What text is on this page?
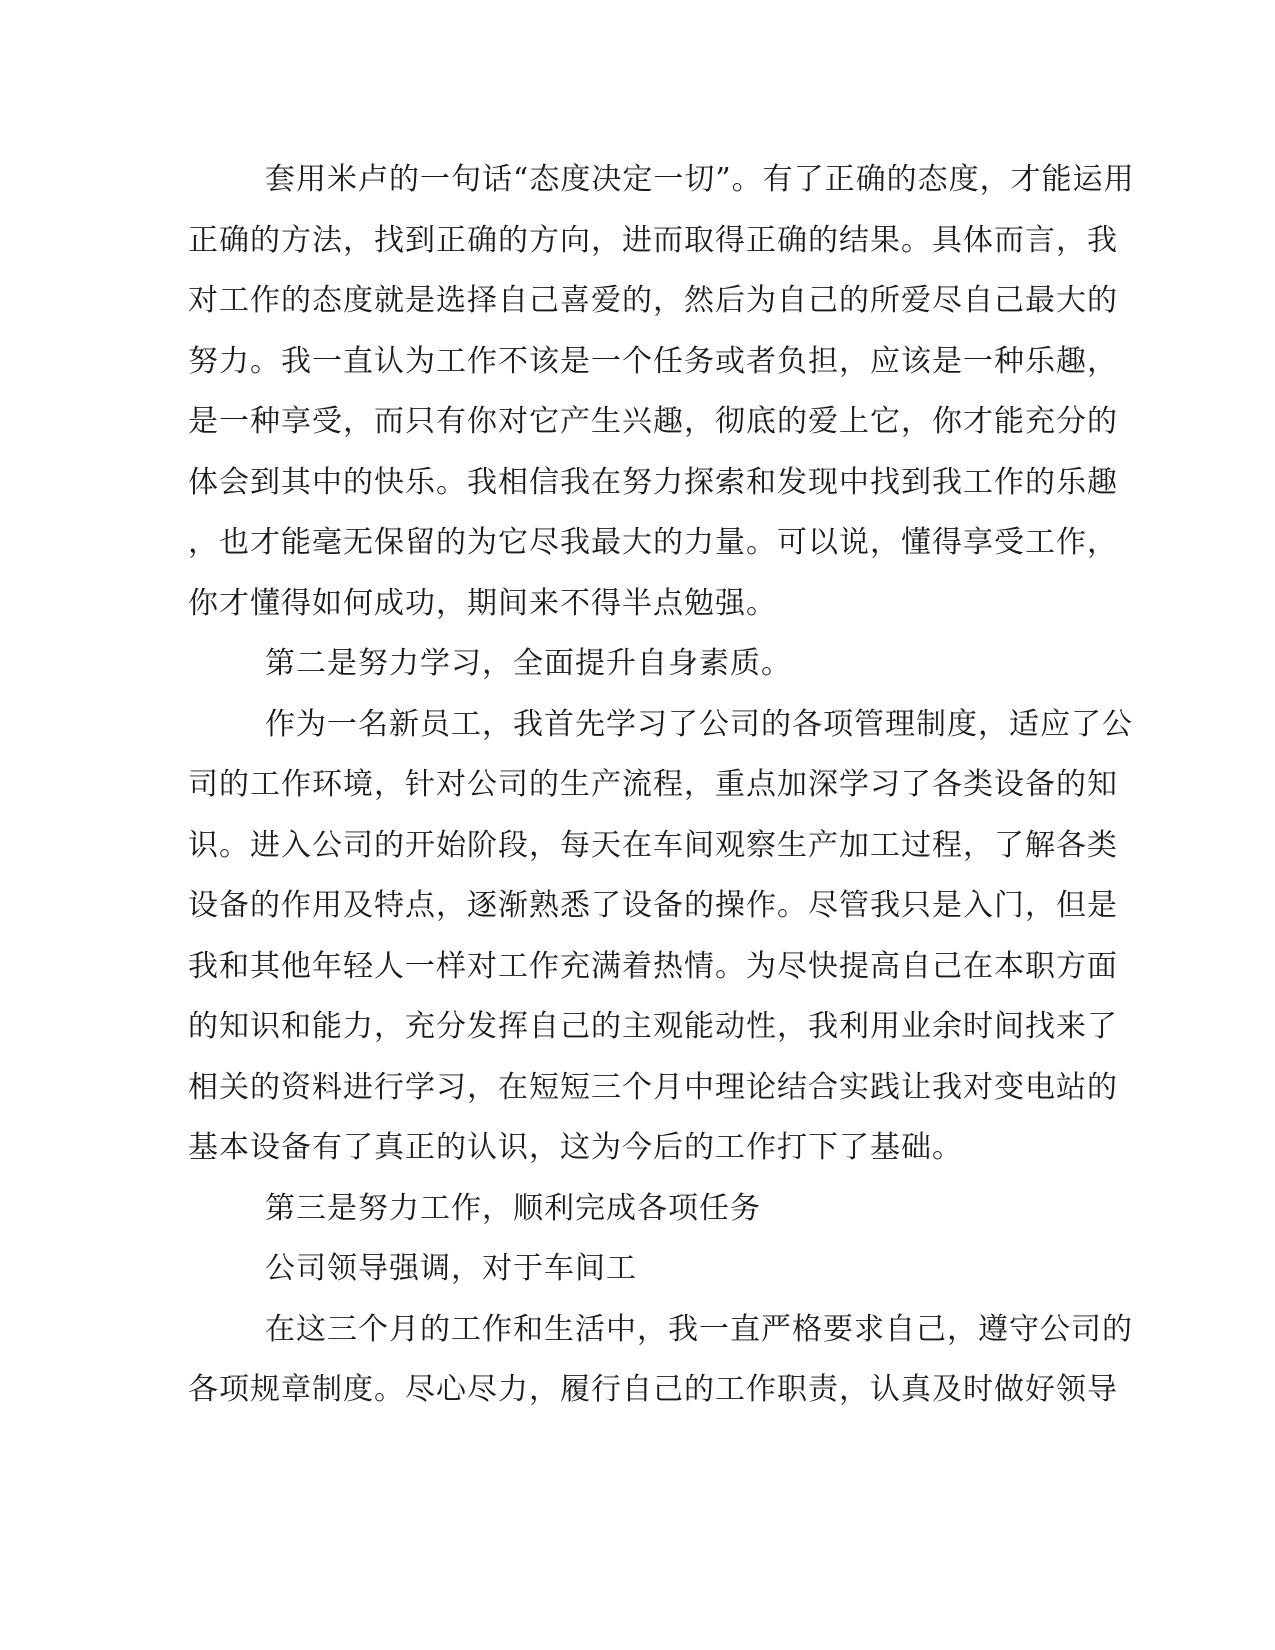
套用米卢的一句话“态度决定一切”。有了正确的态度，才能运用
正确的方法，找到正确的方向，进而取得正确的结果。具体而言，我
对工作的态度就是选择自己喜爱的，然后为自己的所爱尽自己最大的
努力。我一直认为工作不该是一个任务或者负担，应该是一种乐趣，
是一种享受，而只有你对它产生兴趣，彻底的爱上它，你才能充分的
体会到其中的快乐。我相信我在努力探索和发现中找到我工作的乐趣
，也才能毫无保留的为它尽我最大的力量。可以说，懂得享受工作，
你才懂得如何成功，期间来不得半点勉强。
第二是努力学习，全面提升自身素质。
作为一名新员工，我首先学习了公司的各项管理制度，适应了公
司的工作环境，针对公司的生产流程，重点加深学习了各类设备的知
识。进入公司的开始阶段，每天在车间观察生产加工过程，了解各类
设备的作用及特点，逐渐熟悉了设备的操作。尽管我只是入门，但是
我和其他年轻人一样对工作充满着热情。为尽快提高自己在本职方面
的知识和能力，充分发挥自己的主观能动性，我利用业余时间找来了
相关的资料进行学习，在短短三个月中理论结合实践让我对变电站的
基本设备有了真正的认识，这为今后的工作打下了基础。
第三是努力工作，顺利完成各项任务
公司领导强调，对于车间工
在这三个月的工作和生活中，我一直严格要求自己，遵守公司的
各项规章制度。尽心尽力，履行自己的工作职责，认真及时做好领导
